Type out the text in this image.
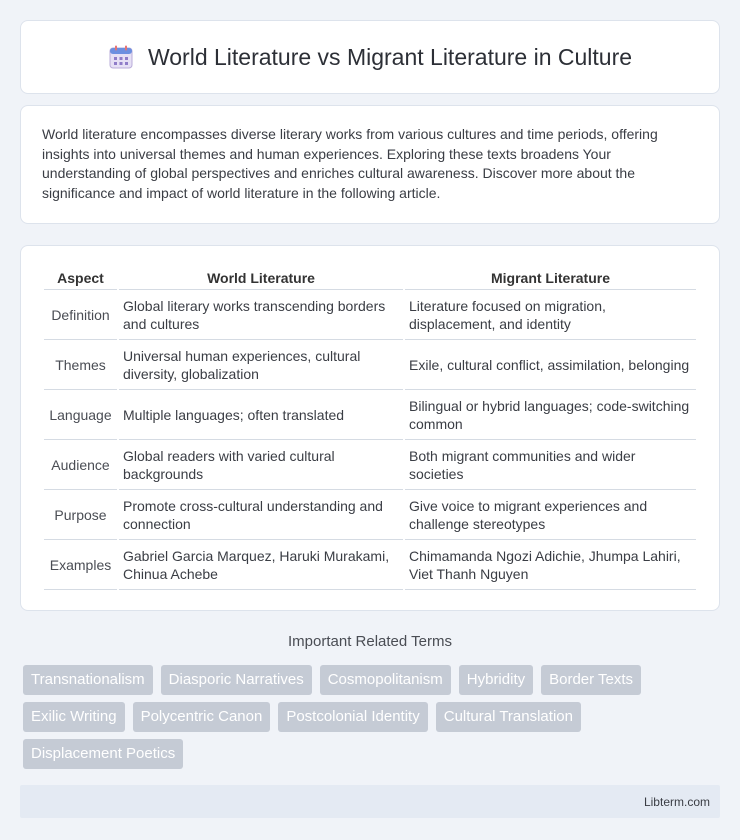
World Literature vs Migrant Literature in Culture

World literature encompasses diverse literary works from various cultures and time periods, offering insights into universal themes and human experiences. Exploring these texts broadens Your understanding of global perspectives and enriches cultural awareness. Discover more about the significance and impact of world literature in the following article.

Aspect	World Literature	Migrant Literature
Definition	Global literary works transcending borders and cultures	Literature focused on migration, displacement, and identity
Themes	Universal human experiences, cultural diversity, globalization	Exile, cultural conflict, assimilation, belonging
Language	Multiple languages; often translated	Bilingual or hybrid languages; code-switching common
Audience	Global readers with varied cultural backgrounds	Both migrant communities and wider societies
Purpose	Promote cross-cultural understanding and connection	Give voice to migrant experiences and challenge stereotypes
Examples	Gabriel Garcia Marquez, Haruki Murakami, Chinua Achebe	Chimamanda Ngozi Adichie, Jhumpa Lahiri, Viet Thanh Nguyen
Important Related Terms
Transnationalism	Diasporic Narratives	Cosmopolitanism	Hybridity	Border Texts
Exilic Writing	Polycentric Canon	Postcolonial Identity	Cultural Translation
Displacement Poetics
Libterm.com
